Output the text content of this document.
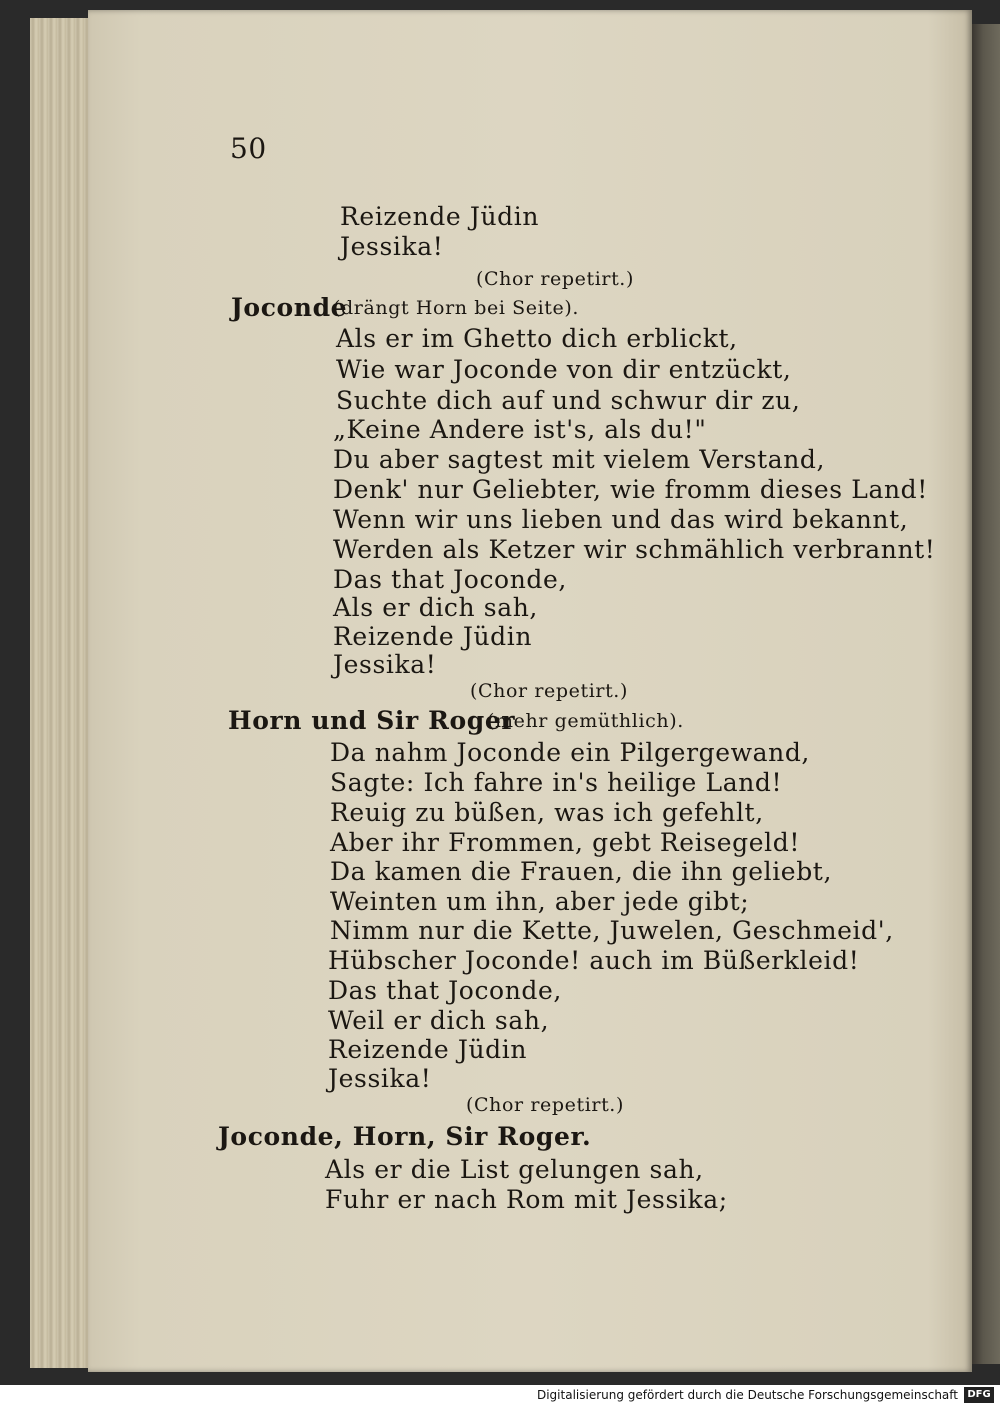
50
Reizende Jüdin
Jessika!
(Chor repetirt.)
Joconde
(drängt Horn bei Seite).
Als er im Ghetto dich erblickt,
Wie war Joconde von dir entzückt,
Suchte dich auf und schwur dir zu,
„Keine Andere ist's, als du!"
Du aber sagtest mit vielem Verstand,
Denk' nur Geliebter, wie fromm dieses Land!
Wenn wir uns lieben und das wird bekannt,
Werden als Ketzer wir schmählich verbrannt!
Das that Joconde,
Als er dich sah,
Reizende Jüdin
Jessika!
(Chor repetirt.)
Horn und Sir Roger
(mehr gemüthlich).
Da nahm Joconde ein Pilgergewand,
Sagte: Ich fahre in's heilige Land!
Reuig zu büßen, was ich gefehlt,
Aber ihr Frommen, gebt Reisegeld!
Da kamen die Frauen, die ihn geliebt,
Weinten um ihn, aber jede gibt;
Nimm nur die Kette, Juwelen, Geschmeid',
Hübscher Joconde! auch im Büßerkleid!
Das that Joconde,
Weil er dich sah,
Reizende Jüdin
Jessika!
(Chor repetirt.)
Joconde, Horn, Sir Roger.
Als er die List gelungen sah,
Fuhr er nach Rom mit Jessika;
Digitalisierung gefördert durch die Deutsche Forschungsgemeinschaft DFG
